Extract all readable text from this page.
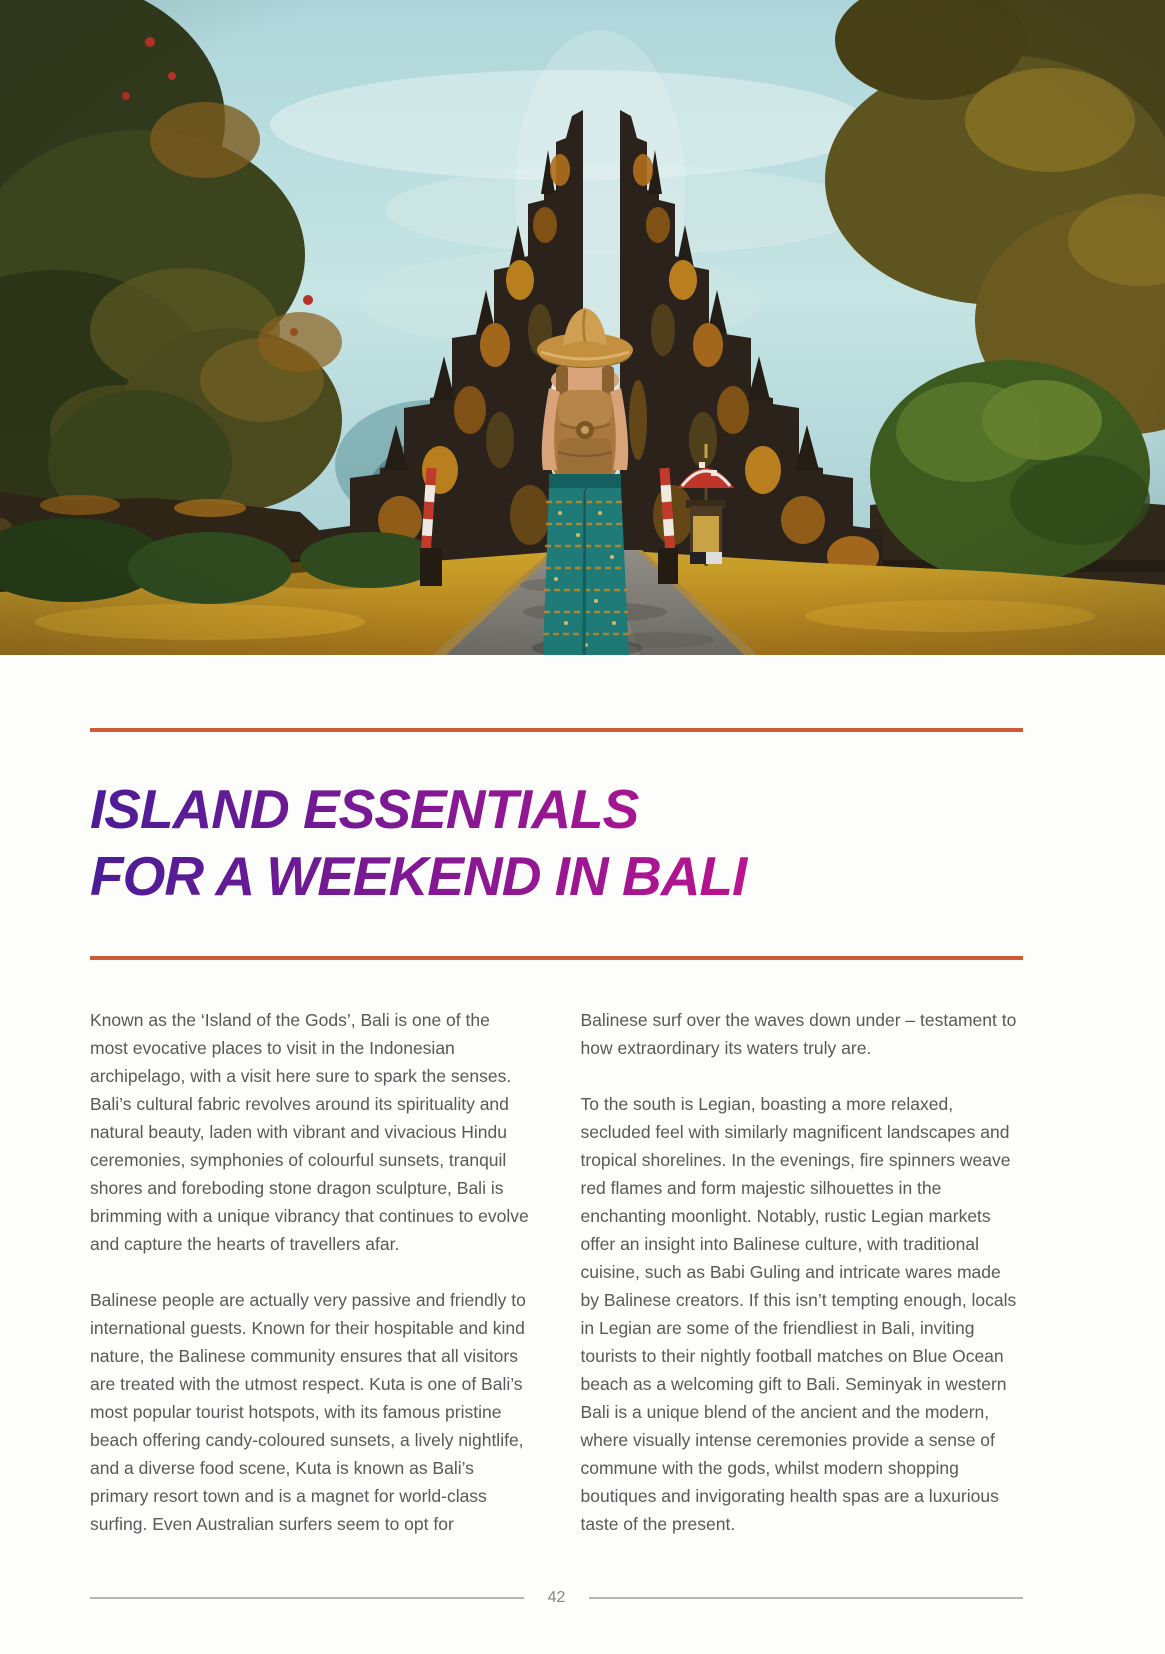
ISLAND ESSENTIALS
FOR A WEEKEND IN BALI

Known as the ‘Island of the Gods’, Bali is one of the most evocative places to visit in the Indonesian archipelago, with a visit here sure to spark the senses. Bali’s cultural fabric revolves around its spirituality and natural beauty, laden with vibrant and vivacious Hindu ceremonies, symphonies of colourful sunsets, tranquil shores and foreboding stone dragon sculpture, Bali is brimming with a unique vibrancy that continues to evolve and capture the hearts of travellers afar.

Balinese people are actually very passive and friendly to international guests. Known for their hospitable and kind nature, the Balinese community ensures that all visitors are treated with the utmost respect. Kuta is one of Bali’s most popular tourist hotspots, with its famous pristine beach offering candy-coloured sunsets, a lively nightlife, and a diverse food scene, Kuta is known as Bali’s primary resort town and is a magnet for world-class surfing. Even Australian surfers seem to opt for

Balinese surf over the waves down under – testament to how extraordinary its waters truly are.

To the south is Legian, boasting a more relaxed, secluded feel with similarly magnificent landscapes and tropical shorelines. In the evenings, fire spinners weave red flames and form majestic silhouettes in the enchanting moonlight. Notably, rustic Legian markets offer an insight into Balinese culture, with traditional cuisine, such as Babi Guling and intricate wares made by Balinese creators. If this isn’t tempting enough, locals in Legian are some of the friendliest in Bali, inviting tourists to their nightly football matches on Blue Ocean beach as a welcoming gift to Bali. Seminyak in western Bali is a unique blend of the ancient and the modern, where visually intense ceremonies provide a sense of commune with the gods, whilst modern shopping boutiques and invigorating health spas are a luxurious taste of the present.

42
